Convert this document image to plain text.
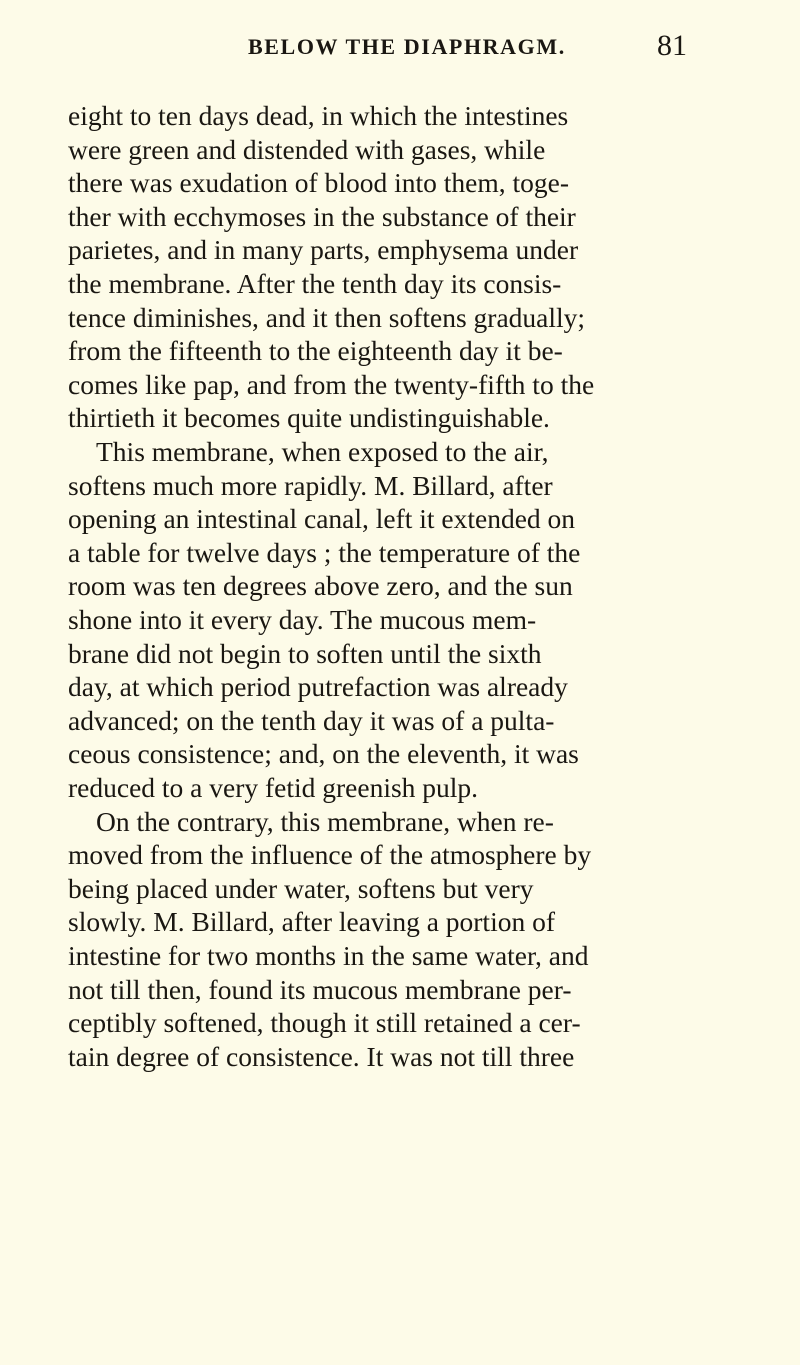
BELOW THE DIAPHRAGM.	81
eight to ten days dead, in which the intestines
were green and distended with gases, while
there was exudation of blood into them, toge-
ther with ecchymoses in the substance of their
parietes, and in many parts, emphysema under
the membrane. After the tenth day its consis-
tence diminishes, and it then softens gradually;
from the fifteenth to the eighteenth day it be-
comes like pap, and from the twenty-fifth to the
thirtieth it becomes quite undistinguishable.
This membrane, when exposed to the air,
softens much more rapidly. M. Billard, after
opening an intestinal canal, left it extended on
a table for twelve days ; the temperature of the
room was ten degrees above zero, and the sun
shone into it every day. The mucous mem-
brane did not begin to soften until the sixth
day, at which period putrefaction was already
advanced; on the tenth day it was of a pulta-
ceous consistence; and, on the eleventh, it was
reduced to a very fetid greenish pulp.
On the contrary, this membrane, when re-
moved from the influence of the atmosphere by
being placed under water, softens but very
slowly. M. Billard, after leaving a portion of
intestine for two months in the same water, and
not till then, found its mucous membrane per-
ceptibly softened, though it still retained a cer-
tain degree of consistence. It was not till three
